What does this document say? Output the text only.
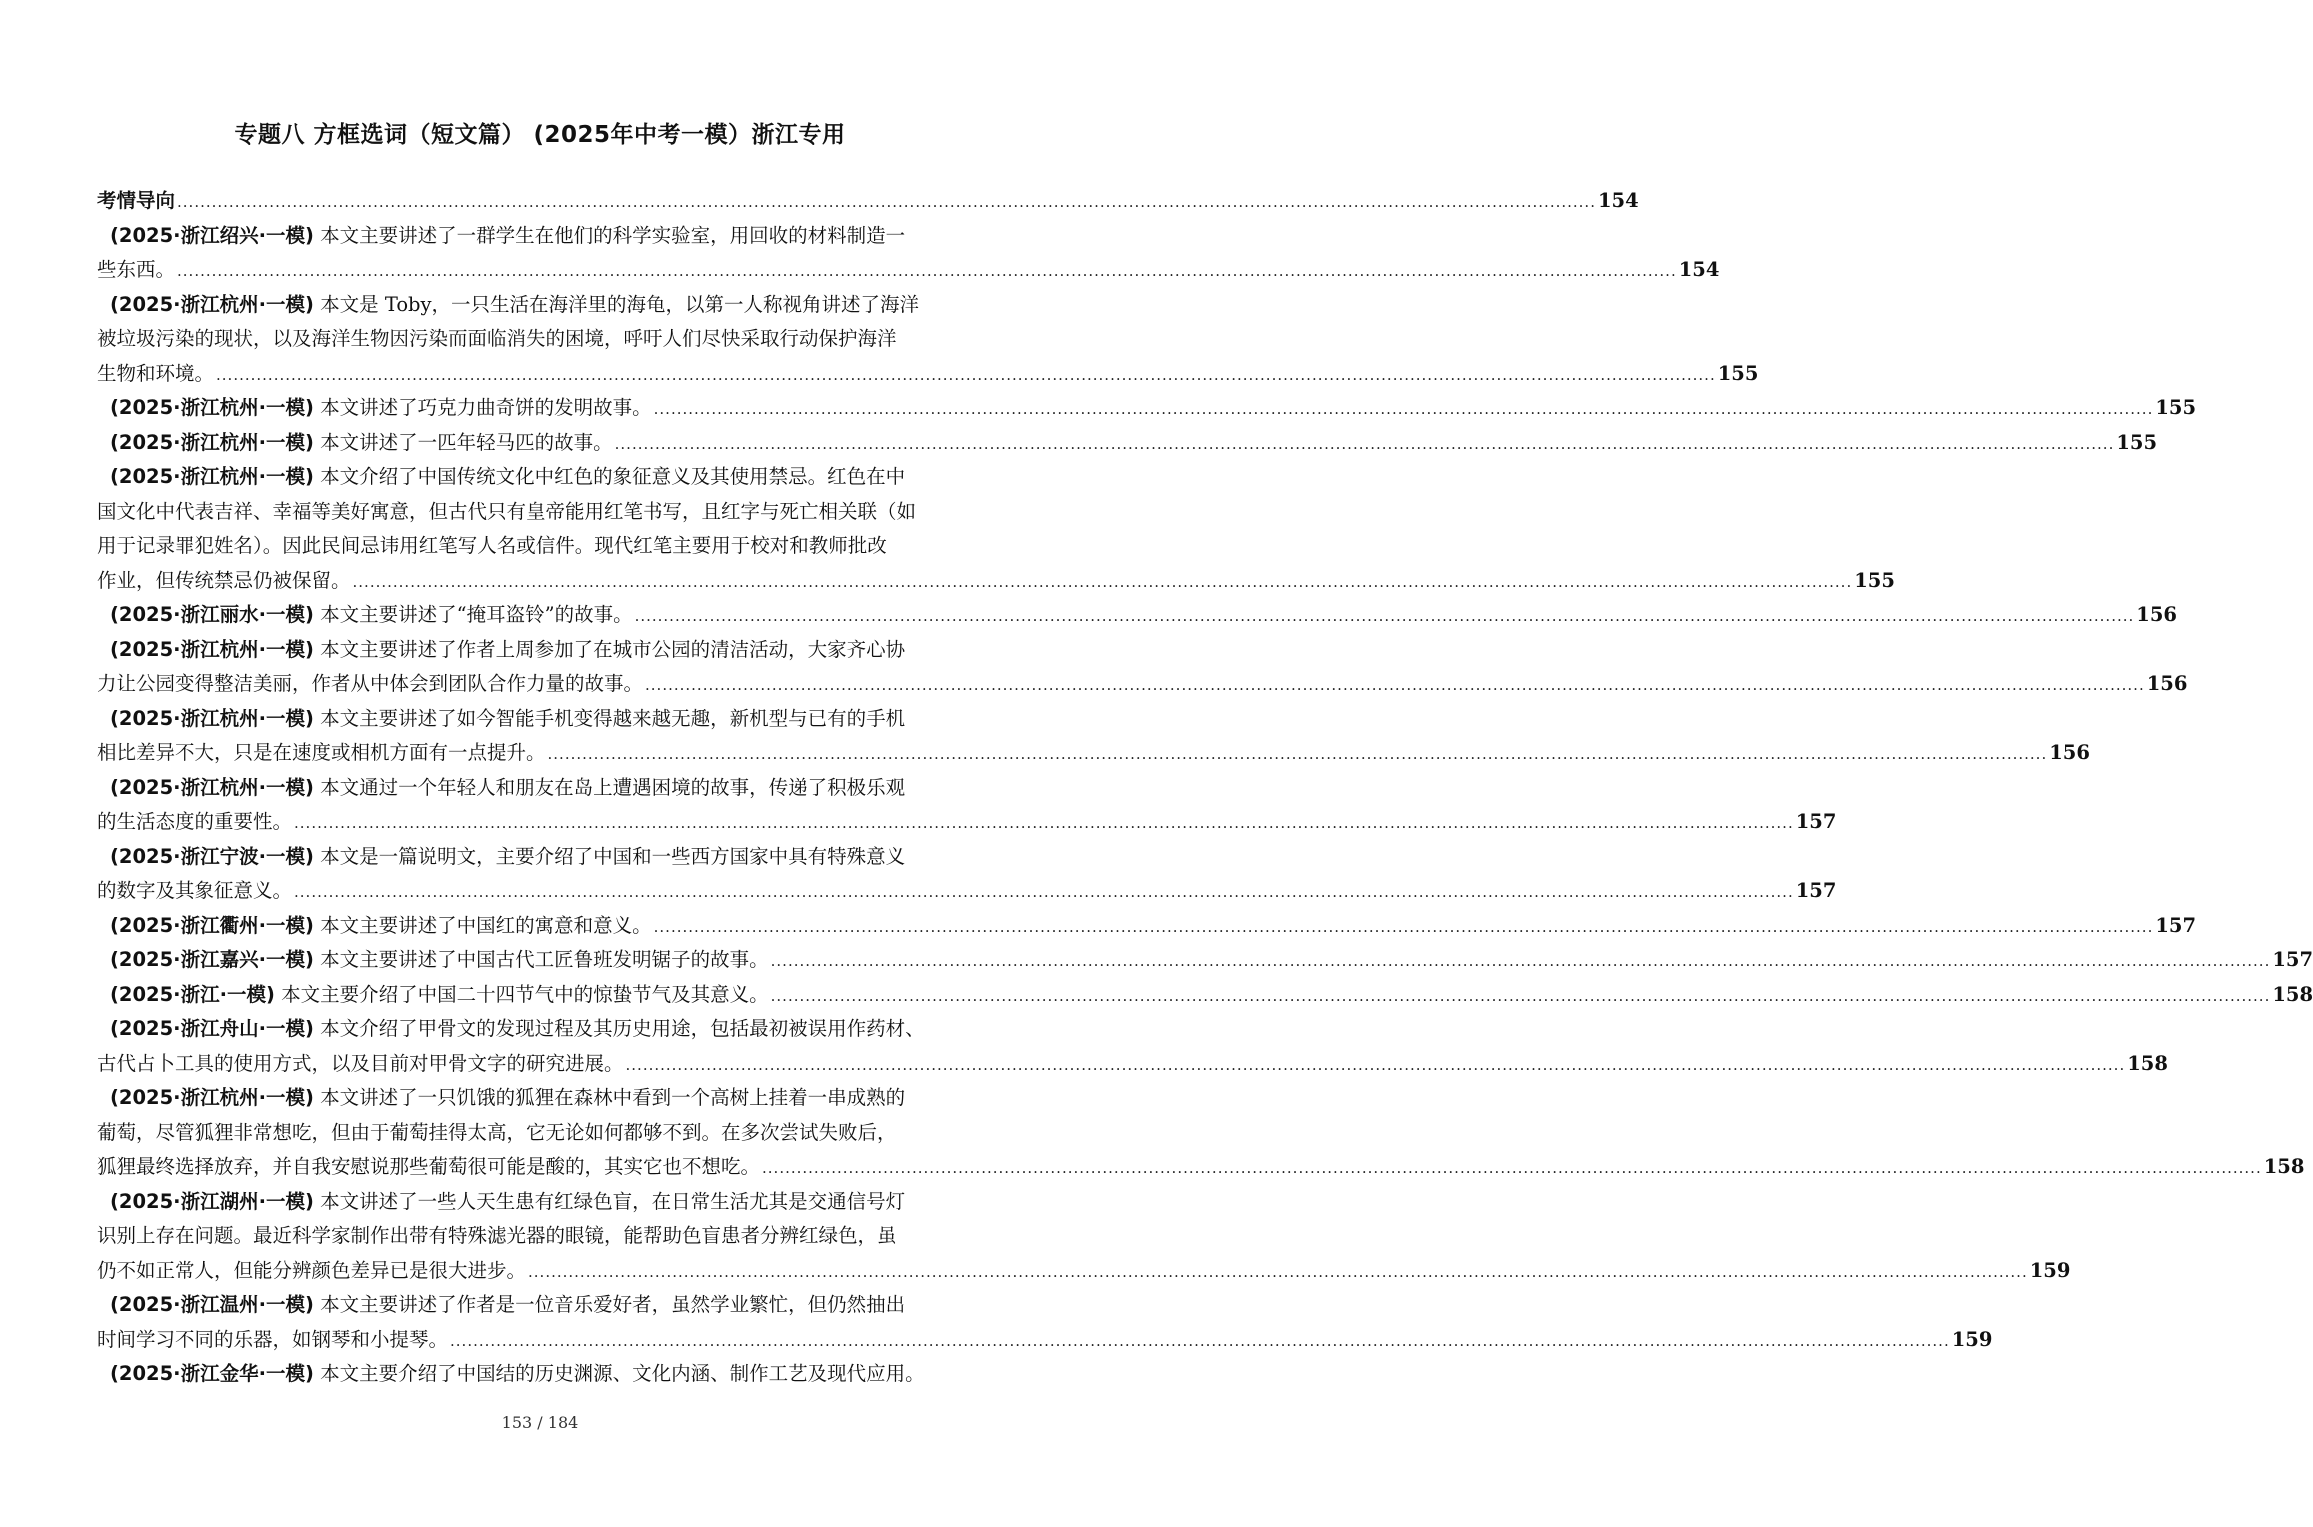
专题八 方框选词（短文篇） (2025年中考一模）浙江专用
考情导向 ...................................................................................................................................................................................................................................................... 154
(2025·浙江绍兴·一模) 本文主要讲述了一群学生在他们的科学实验室，用回收的材料制造一
些东西。 .................................................................................................................................................................................................................................................................... 154
(2025·浙江杭州·一模) 本文是 Toby，一只生活在海洋里的海龟，以第一人称视角讲述了海洋
被垃圾污染的现状，以及海洋生物因污染而面临消失的困境，呼吁人们尽快采取行动保护海洋
生物和环境。 .................................................................................................................................................................................................................................................................... 155
(2025·浙江杭州·一模) 本文讲述了巧克力曲奇饼的发明故事。 .................................................................................................................................................................................................................................................................... 155
(2025·浙江杭州·一模) 本文讲述了一匹年轻马匹的故事。 .................................................................................................................................................................................................................................................................... 155
(2025·浙江杭州·一模) 本文介绍了中国传统文化中红色的象征意义及其使用禁忌。红色在中
国文化中代表吉祥、幸福等美好寓意，但古代只有皇帝能用红笔书写，且红字与死亡相关联（如
用于记录罪犯姓名）。因此民间忌讳用红笔写人名或信件。现代红笔主要用于校对和教师批改
作业，但传统禁忌仍被保留。 .................................................................................................................................................................................................................................................................... 155
(2025·浙江丽水·一模) 本文主要讲述了“掩耳盗铃”的故事。 .................................................................................................................................................................................................................................................................... 156
(2025·浙江杭州·一模) 本文主要讲述了作者上周参加了在城市公园的清洁活动，大家齐心协
力让公园变得整洁美丽，作者从中体会到团队合作力量的故事。 .................................................................................................................................................................................................................................................................... 156
(2025·浙江杭州·一模) 本文主要讲述了如今智能手机变得越来越无趣，新机型与已有的手机
相比差异不大，只是在速度或相机方面有一点提升。 .................................................................................................................................................................................................................................................................... 156
(2025·浙江杭州·一模) 本文通过一个年轻人和朋友在岛上遭遇困境的故事，传递了积极乐观
的生活态度的重要性。 .................................................................................................................................................................................................................................................................... 157
(2025·浙江宁波·一模) 本文是一篇说明文，主要介绍了中国和一些西方国家中具有特殊意义
的数字及其象征意义。 .................................................................................................................................................................................................................................................................... 157
(2025·浙江衢州·一模) 本文主要讲述了中国红的寓意和意义。 .................................................................................................................................................................................................................................................................... 157
(2025·浙江嘉兴·一模) 本文主要讲述了中国古代工匠鲁班发明锯子的故事。 .................................................................................................................................................................................................................................................................... 157
(2025·浙江·一模) 本文主要介绍了中国二十四节气中的惊蛰节气及其意义。 .................................................................................................................................................................................................................................................................... 158
(2025·浙江舟山·一模) 本文介绍了甲骨文的发现过程及其历史用途，包括最初被误用作药材、
古代占卜工具的使用方式，以及目前对甲骨文字的研究进展。 .................................................................................................................................................................................................................................................................... 158
(2025·浙江杭州·一模) 本文讲述了一只饥饿的狐狸在森林中看到一个高树上挂着一串成熟的
葡萄，尽管狐狸非常想吃，但由于葡萄挂得太高，它无论如何都够不到。在多次尝试失败后，
狐狸最终选择放弃，并自我安慰说那些葡萄很可能是酸的，其实它也不想吃。 .................................................................................................................................................................................................................................................................... 158
(2025·浙江湖州·一模) 本文讲述了一些人天生患有红绿色盲，在日常生活尤其是交通信号灯
识别上存在问题。最近科学家制作出带有特殊滤光器的眼镜，能帮助色盲患者分辨红绿色，虽
仍不如正常人，但能分辨颜色差异已是很大进步。 .................................................................................................................................................................................................................................................................... 159
(2025·浙江温州·一模) 本文主要讲述了作者是一位音乐爱好者，虽然学业繁忙，但仍然抽出
时间学习不同的乐器，如钢琴和小提琴。 .................................................................................................................................................................................................................................................................... 159
(2025·浙江金华·一模) 本文主要介绍了中国结的历史渊源、文化内涵、制作工艺及现代应用。
153 / 184
